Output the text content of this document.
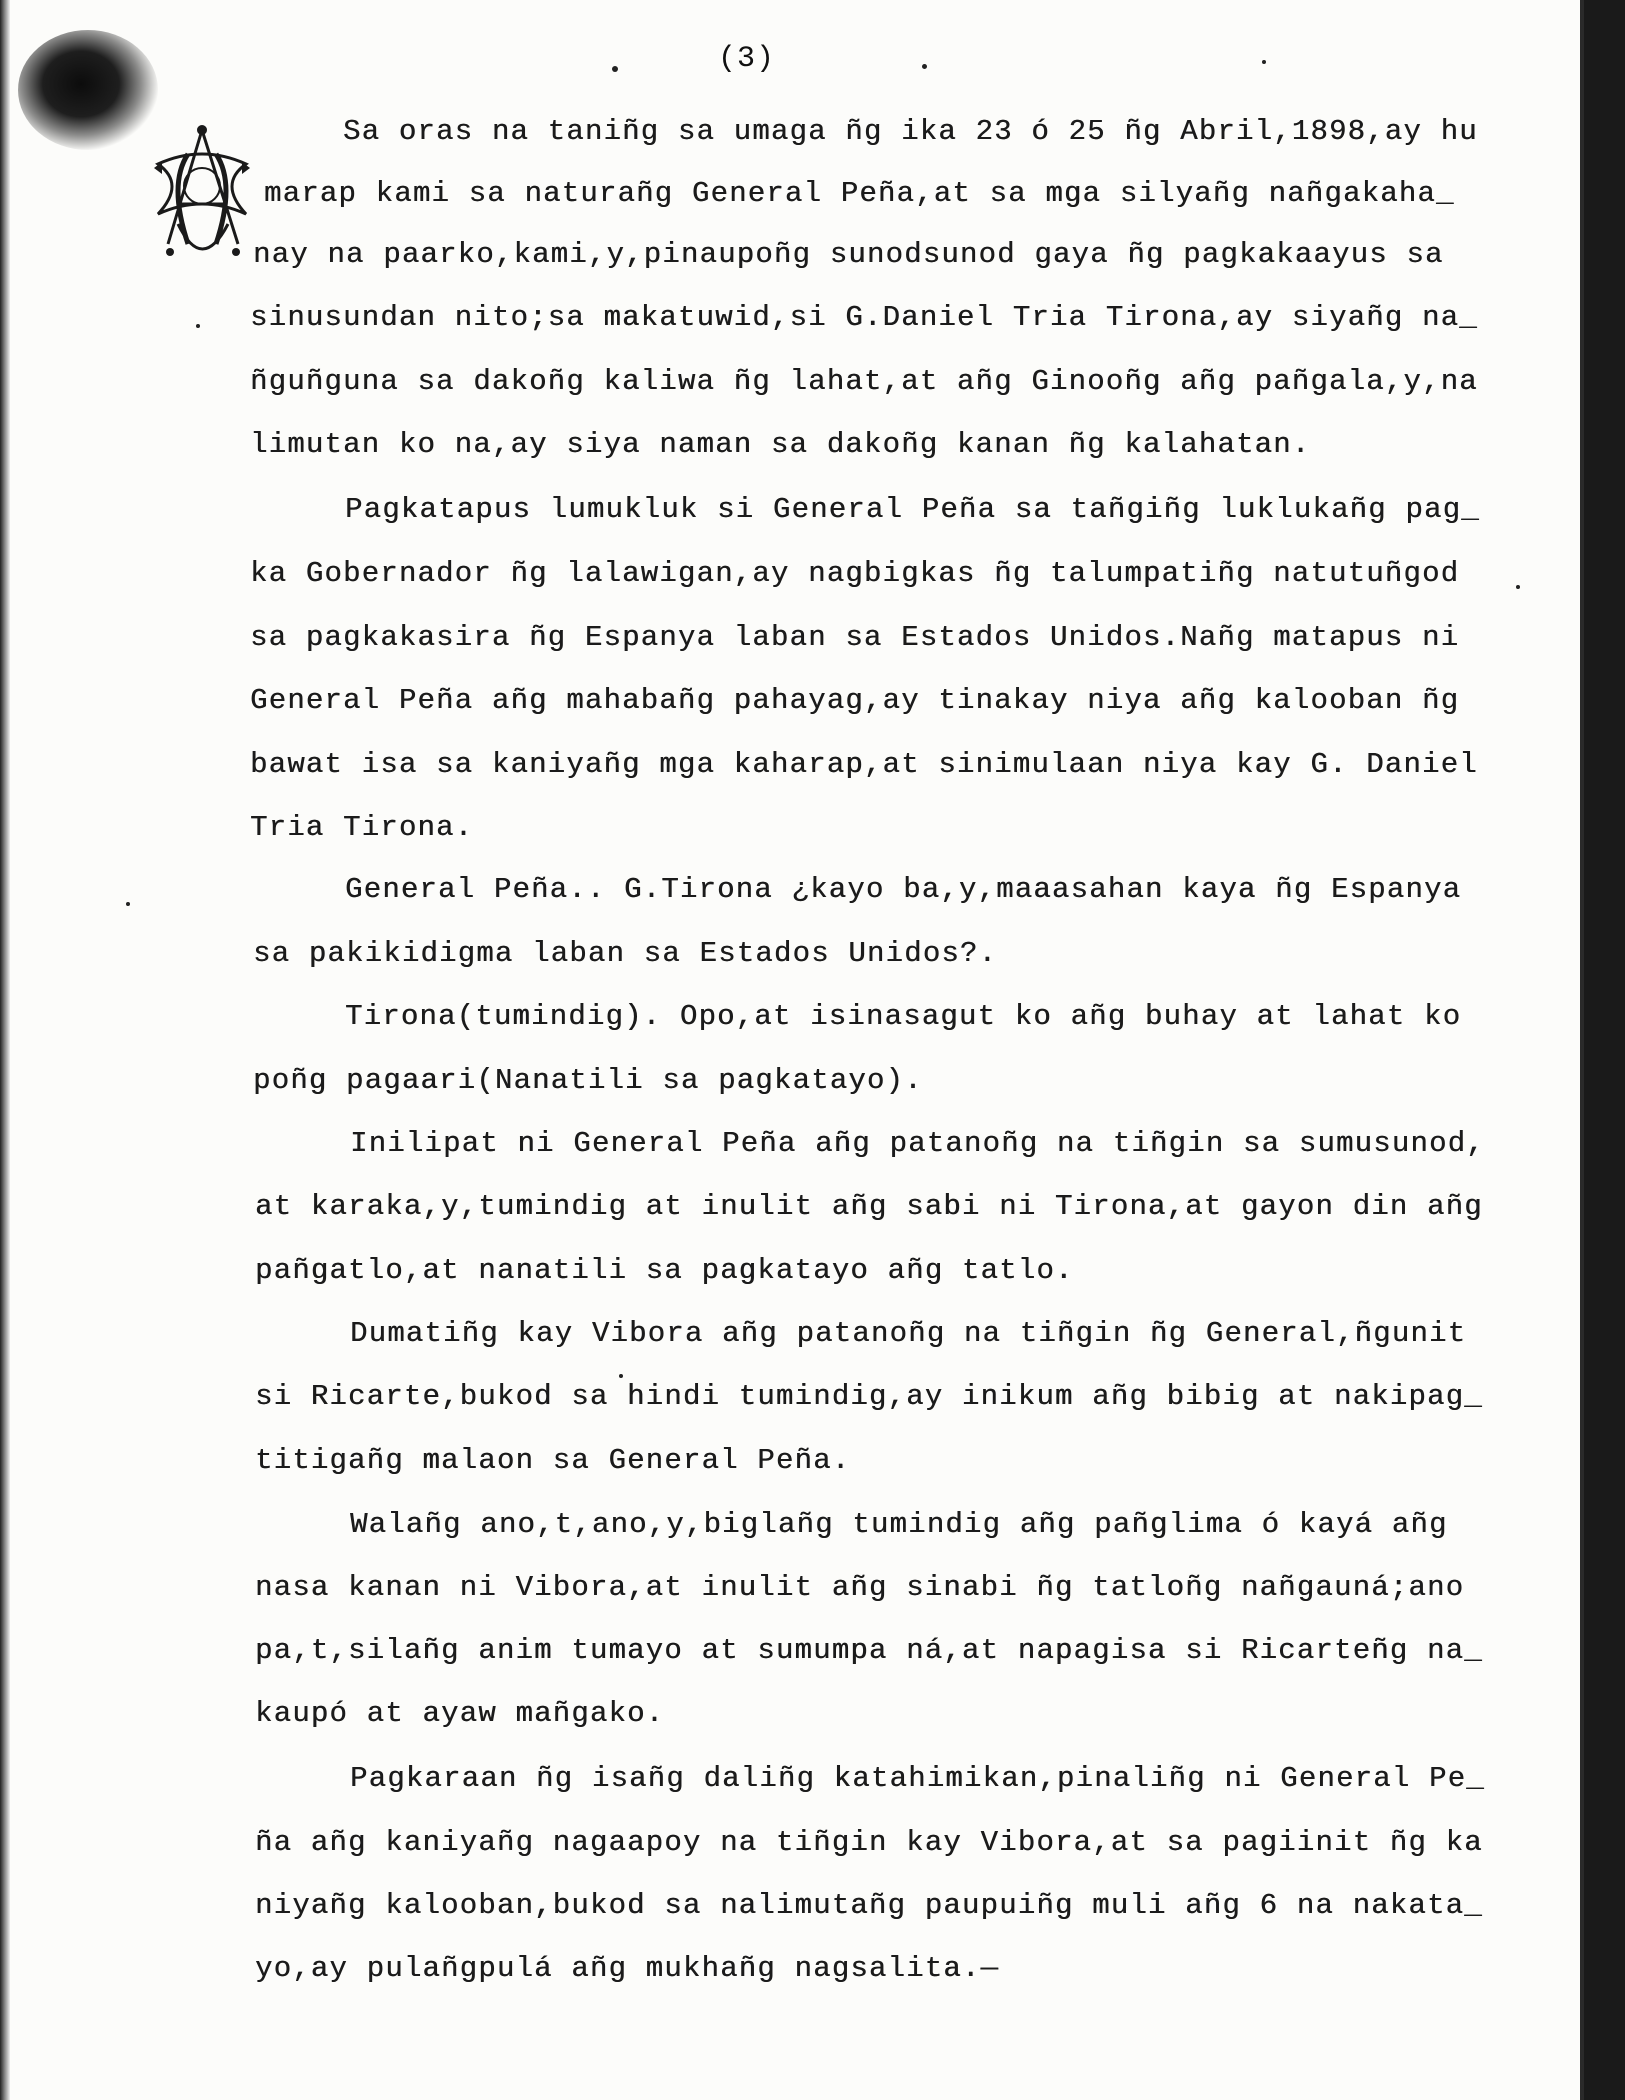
(3)

Sa oras na taniñg sa umaga ñg ika 23 ó 25 ñg Abril,1898,ay hu

marap kami sa naturañg General Peña,at sa mga silyañg nañgakaha_

nay na paarko,kami,y,pinaupoñg sunodsunod gaya ñg pagkakaayus sa

sinusundan nito;sa makatuwid,si G.Daniel Tria Tirona,ay siyañg na_

ñguñguna sa dakoñg kaliwa ñg lahat,at añg Ginooñg añg pañgala,y,na

limutan ko na,ay siya naman sa dakoñg kanan ñg kalahatan.

Pagkatapus lumukluk si General Peña sa tañgiñg luklukañg pag_

ka Gobernador ñg lalawigan,ay nagbigkas ñg talumpatiñg natutuñgod

sa pagkakasira ñg Espanya laban sa Estados Unidos.Nañg matapus ni

General Peña añg mahabañg pahayag,ay tinakay niya añg kalooban ñg

bawat isa sa kaniyañg mga kaharap,at sinimulaan niya kay G. Daniel

Tria Tirona.

General Peña.. G.Tirona ¿kayo ba,y,maaasahan kaya ñg Espanya

sa pakikidigma laban sa Estados Unidos?.

Tirona(tumindig). Opo,at isinasagut ko añg buhay at lahat ko

poñg pagaari(Nanatili sa pagkatayo).

Inilipat ni General Peña añg patanoñg na tiñgin sa sumusunod,

at karaka,y,tumindig at inulit añg sabi ni Tirona,at gayon din añg

pañgatlo,at nanatili sa pagkatayo añg tatlo.

Dumatiñg kay Vibora añg patanoñg na tiñgin ñg General,ñgunit

si Ricarte,bukod sa hindi tumindig,ay inikum añg bibig at nakipag_

titigañg malaon sa General Peña.

Walañg ano,t,ano,y,biglañg tumindig añg pañglima ó kayá añg

nasa kanan ni Vibora,at inulit añg sinabi ñg tatloñg nañgauná;ano

pa,t,silañg anim tumayo at sumumpa ná,at napagisa si Ricarteñg na_

kaupó at ayaw mañgako.

Pagkaraan ñg isañg daliñg katahimikan,pinaliñg ni General Pe_

ña añg kaniyañg nagaapoy na tiñgin kay Vibora,at sa pagiinit ñg ka

niyañg kalooban,bukod sa nalimutañg paupuiñg muli añg 6 na nakata_

yo,ay pulañgpulá añg mukhañg nagsalita.—
